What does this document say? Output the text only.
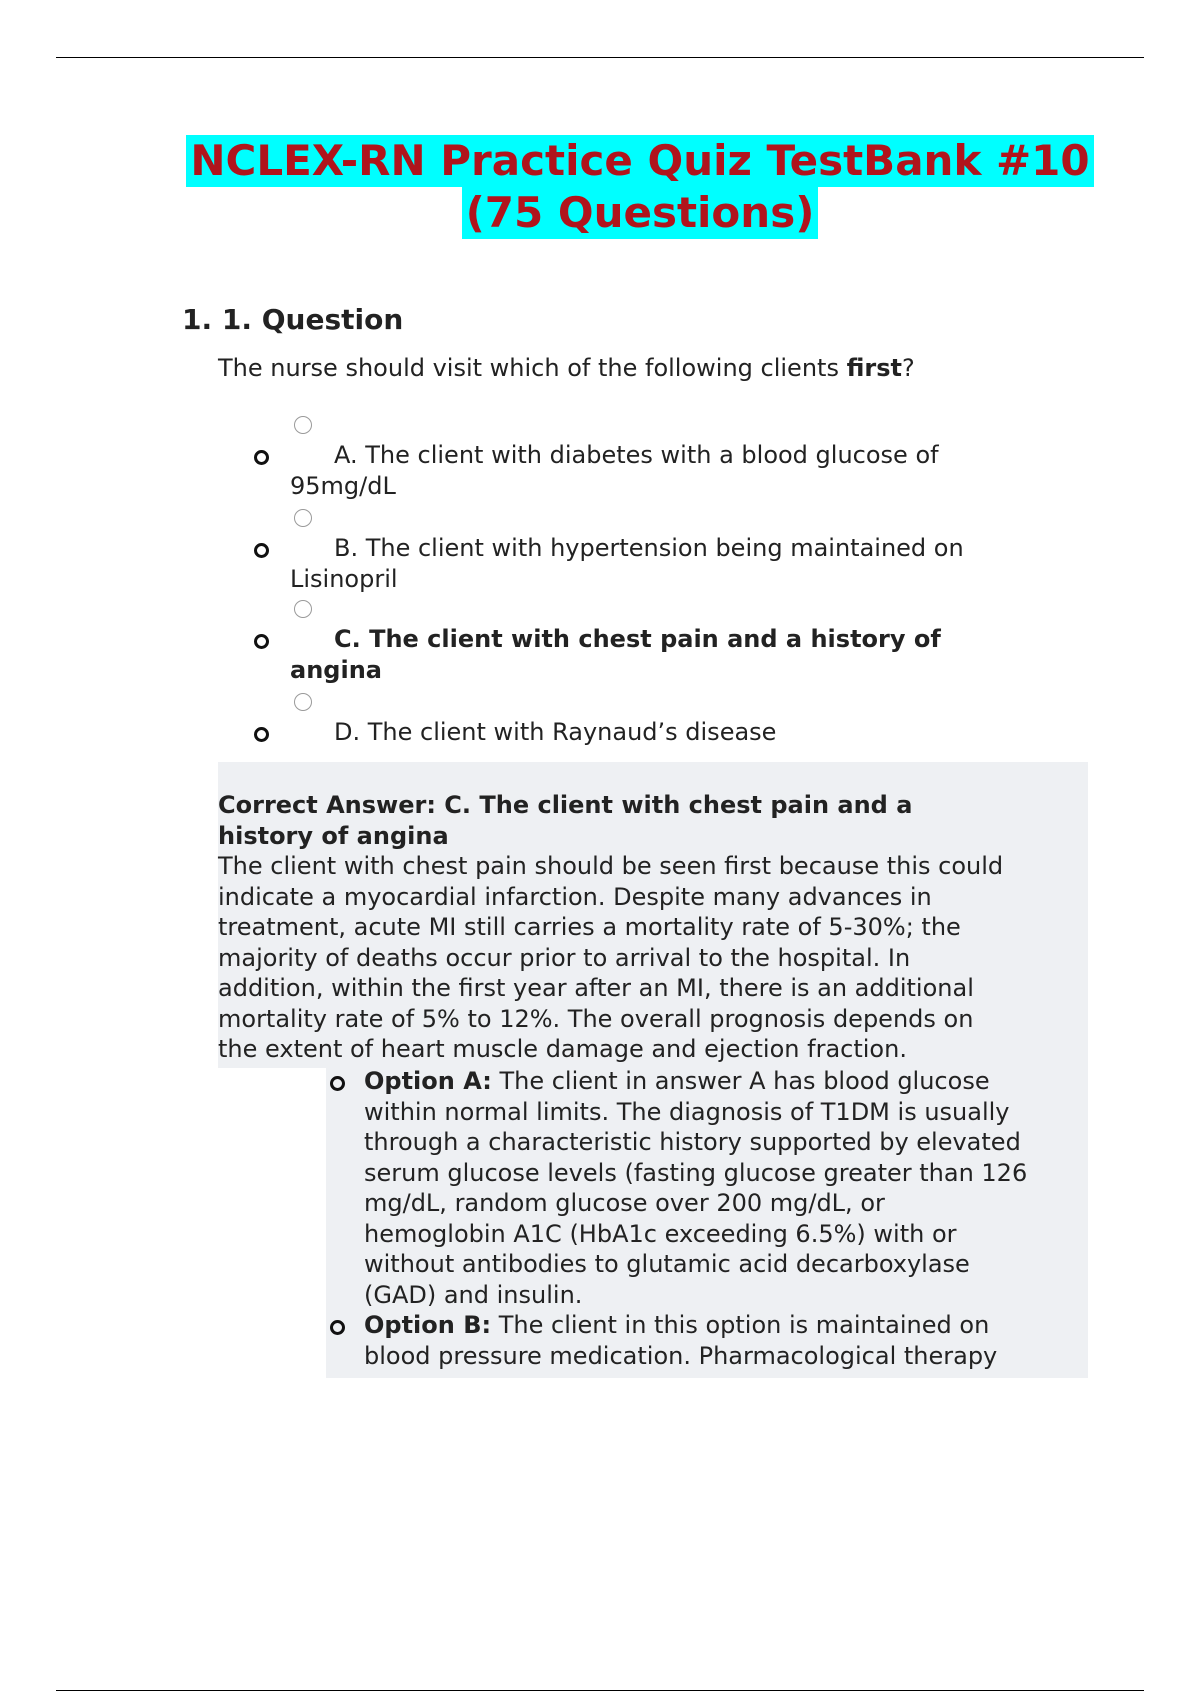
NCLEX-RN Practice Quiz TestBank #10
(75 Questions)
1. 1. Question
The nurse should visit which of the following clients first?
A. The client with diabetes with a blood glucose of
95mg/dL
B. The client with hypertension being maintained on
Lisinopril
C. The client with chest pain and a history of
angina
D. The client with Raynaud’s disease
Correct Answer: C. The client with chest pain and a
history of angina
The client with chest pain should be seen first because this could
indicate a myocardial infarction. Despite many advances in
treatment, acute MI still carries a mortality rate of 5-30%; the
majority of deaths occur prior to arrival to the hospital. In
addition, within the first year after an MI, there is an additional
mortality rate of 5% to 12%. The overall prognosis depends on
the extent of heart muscle damage and ejection fraction.
Option A: The client in answer A has blood glucose
within normal limits. The diagnosis of T1DM is usually
through a characteristic history supported by elevated
serum glucose levels (fasting glucose greater than 126
mg/dL, random glucose over 200 mg/dL, or
hemoglobin A1C (HbA1c exceeding 6.5%) with or
without antibodies to glutamic acid decarboxylase
(GAD) and insulin.
Option B: The client in this option is maintained on
blood pressure medication. Pharmacological therapy
